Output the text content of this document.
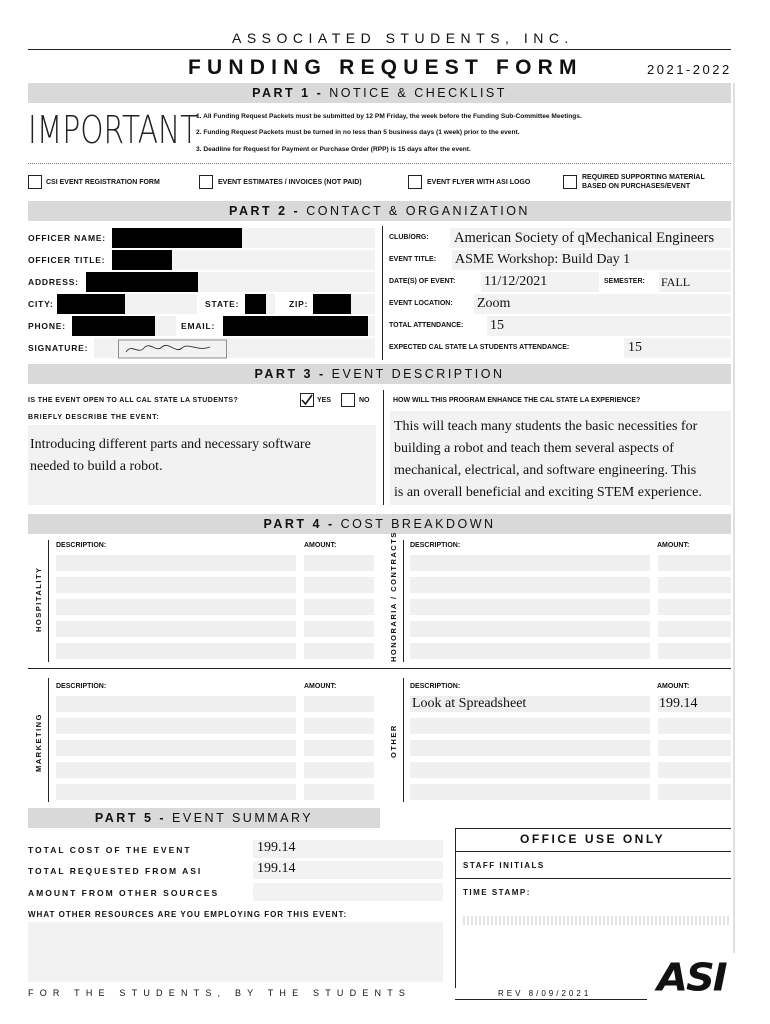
ASSOCIATED STUDENTS, INC.
FUNDING REQUEST FORM	2021-2022
PART 1 - NOTICE & CHECKLIST
IMPORTANT
1. All Funding Request Packets must be submitted by 12 PM Friday, the week before the Funding Sub-Committee Meetings.
2. Funding Request Packets must be turned in no less than 5 business days (1 week) prior to the event.
3. Deadline for Request for Payment or Purchase Order (RPP) is 15 days after the event.
CSI EVENT REGISTRATION FORM	EVENT ESTIMATES / INVOICES (NOT PAID)	EVENT FLYER WITH ASI LOGO
REQUIRED SUPPORTING MATERIAL
BASED ON PURCHASES/EVENT
PART 2 - CONTACT & ORGANIZATION
OFFICER NAME:
OFFICER TITLE:
ADDRESS:
CITY:	STATE:	ZIP:
PHONE:	EMAIL:
SIGNATURE:
CLUB/ORG: American Society of qMechanical Engineers
EVENT TITLE: ASME Workshop: Build Day 1
DATE(S) OF EVENT: 11/12/2021	SEMESTER: FALL
EVENT LOCATION: Zoom
TOTAL ATTENDANCE: 15
EXPECTED CAL STATE LA STUDENTS ATTENDANCE:	15
PART 3 - EVENT DESCRIPTION
IS THE EVENT OPEN TO ALL CAL STATE LA STUDENTS?	YES	NO
BRIEFLY DESCRIBE THE EVENT:
Introducing different parts and necessary software
needed to build a robot.
HOW WILL THIS PROGRAM ENHANCE THE CAL STATE LA EXPERIENCE?
This will teach many students the basic necessities for
building a robot and teach them several aspects of
mechanical, electrical, and software engineering. This
is an overall beneficial and exciting STEM experience.
PART 4 - COST BREAKDOWN
HOSPITALITY
DESCRIPTION:	AMOUNT:	HONORARIA / CONTRACTS DESCRIPTION:	AMOUNT:
MARKETING
DESCRIPTION:	AMOUNT:
OTHER
DESCRIPTION:	AMOUNT:
Look at Spreadsheet	199.14
PART 5 - EVENT SUMMARY
TOTAL COST OF THE EVENT	199.14
TOTAL REQUESTED FROM ASI	199.14
AMOUNT FROM OTHER SOURCES
WHAT OTHER RESOURCES ARE YOU EMPLOYING FOR THIS EVENT:
OFFICE USE ONLY
STAFF INITIALS
TIME STAMP:
FOR THE STUDENTS, BY THE STUDENTS	REV 8/09/2021 ASI
